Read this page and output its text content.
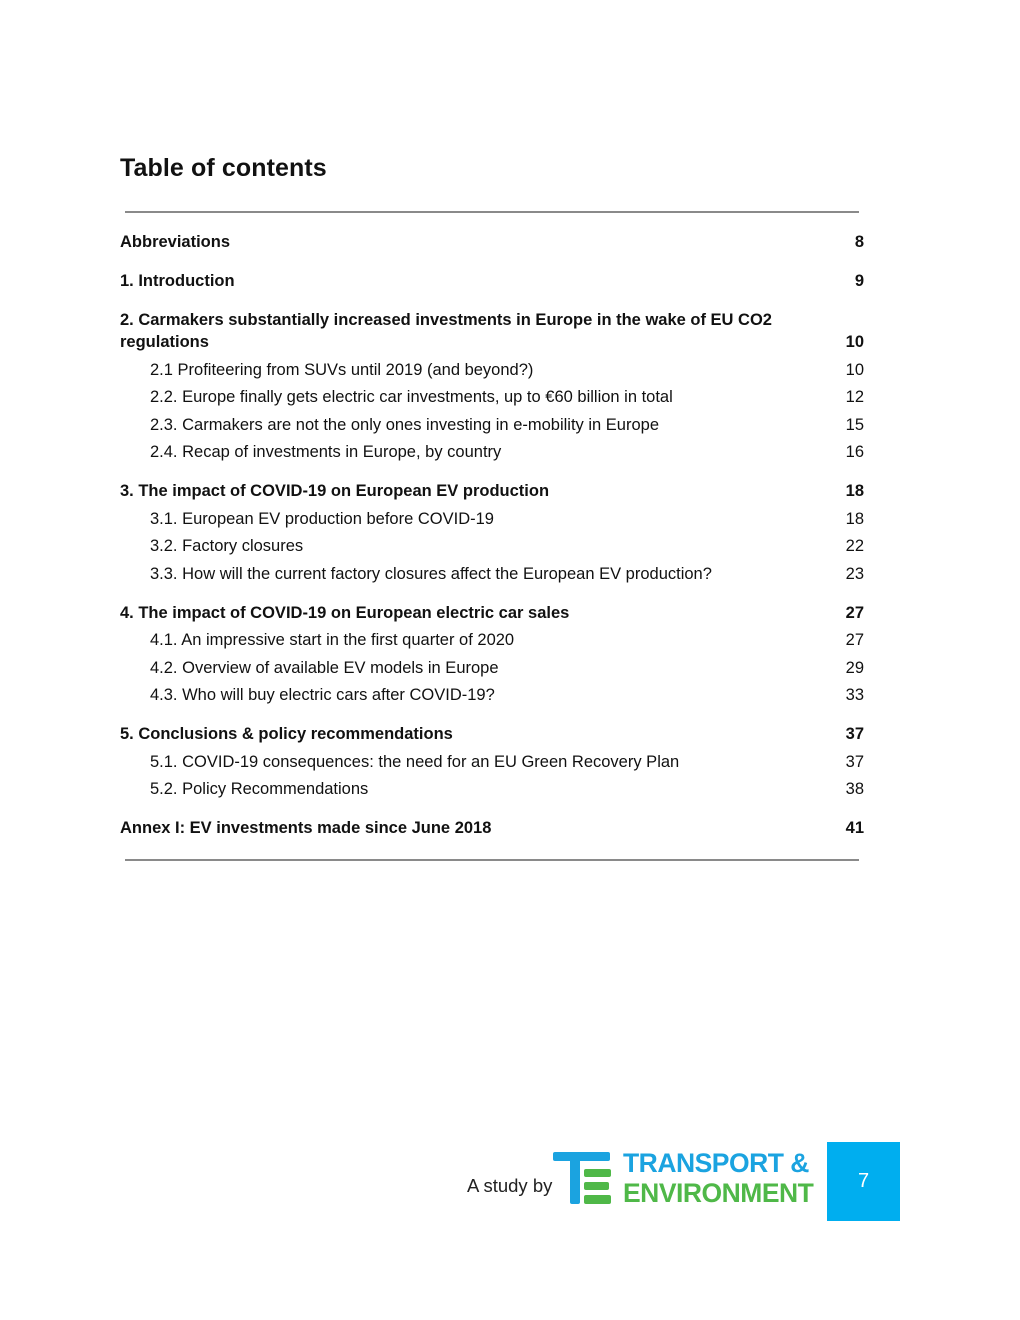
Table of contents
Abbreviations	8
1. Introduction	9
2. Carmakers substantially increased investments in Europe in the wake of EU CO2 regulations	10
2.1 Profiteering from SUVs until 2019 (and beyond?)	10
2.2. Europe finally gets electric car investments, up to €60 billion in total	12
2.3. Carmakers are not the only ones investing in e-mobility in Europe	15
2.4. Recap of investments in Europe, by country	16
3. The impact of COVID-19 on European EV production	18
3.1. European EV production before COVID-19	18
3.2. Factory closures	22
3.3. How will the current factory closures affect the European EV production?	23
4. The impact of COVID-19 on European electric car sales	27
4.1. An impressive start in the first quarter of 2020	27
4.2. Overview of available EV models in Europe	29
4.3. Who will buy electric cars after COVID-19?	33
5. Conclusions & policy recommendations	37
5.1. COVID-19 consequences: the need for an EU Green Recovery Plan	37
5.2. Policy Recommendations	38
Annex I: EV investments made since June 2018	41
A study by
TRANSPORT &
ENVIRONMENT 7
